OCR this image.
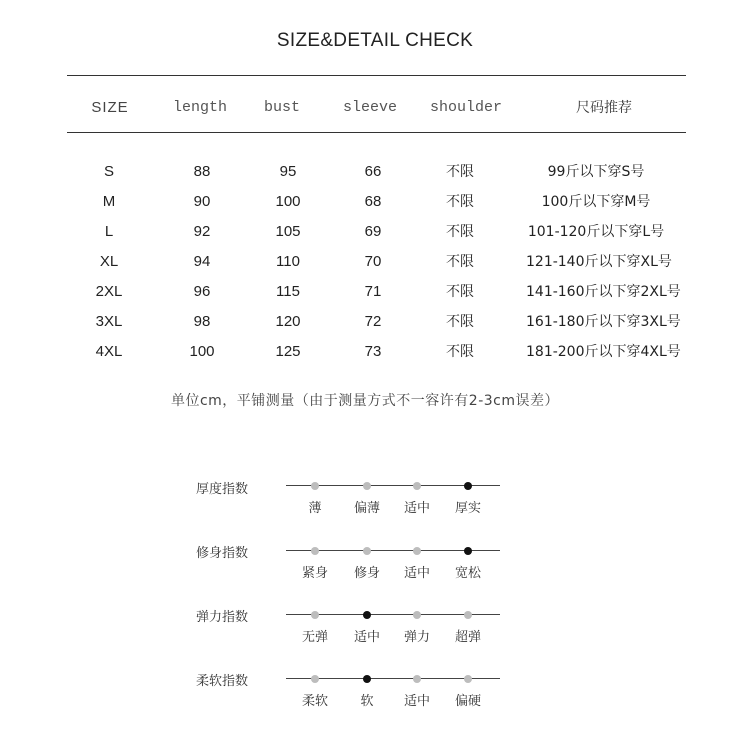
SIZE&DETAIL CHECK
SIZE	length	bust	sleeve	shoulder	尺码推荐
S	88	95	66	不限	99斤以下穿S号
M	90	100	68	不限	100斤以下穿M号
L	92	105	69	不限	101-120斤以下穿L号
XL	94	110	70	不限	121-140斤以下穿XL号
2XL	96	115	71	不限	141-160斤以下穿2XL号
3XL	98	120	72	不限	161-180斤以下穿3XL号
4XL	100	125	73	不限	181-200斤以下穿4XL号
单位cm，平铺测量（由于测量方式不一容许有2-3cm误差）
厚度指数
修身指数
弹力指数
柔软指数
薄	偏薄	适中	厚实
紧身	修身	适中	宽松
无弹	适中	弹力	超弹
柔软	软	适中	偏硬
